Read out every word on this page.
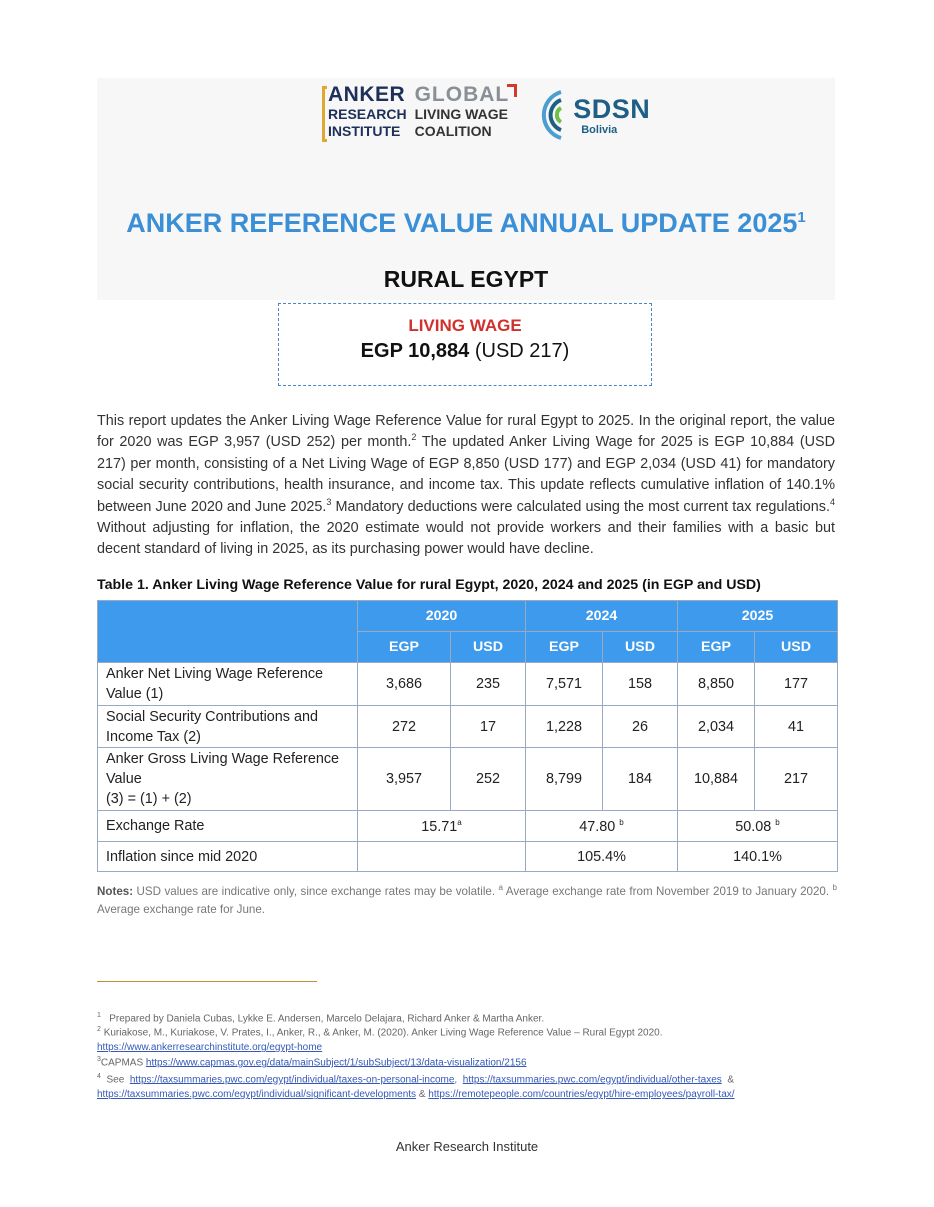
ANKER
RESEARCH
INSTITUTE
GLOBAL
LIVING WAGE
COALITION
SDSN
Bolivia
ANKER REFERENCE VALUE ANNUAL UPDATE 2025$^1$
RURAL EGYPT
LIVING WAGE
EGP 10,884 (USD 217)

This report updates the Anker Living Wage Reference Value for rural Egypt to 2025. In the original report, the value for 2020 was EGP 3,957 (USD 252) per month.$^2$ The updated Anker Living Wage for 2025 is EGP 10,884 (USD 217) per month, consisting of a Net Living Wage of EGP 8,850 (USD 177) and EGP 2,034 (USD 41) for mandatory social security contributions, health insurance, and income tax. This update reflects cumulative inflation of 140.1% between June 2020 and June 2025.$^3$ Mandatory deductions were calculated using the most current tax regulations.$^4$ Without adjusting for inflation, the 2020 estimate would not provide workers and their families with a basic but decent standard of living in 2025, as its purchasing power would have decline.

Table 1. Anker Living Wage Reference Value for rural Egypt, 2020, 2024 and 2025 (in EGP and USD)
	2020		2024		2025	
	EGP	USD	EGP	USD	EGP	USD
Anker Net Living Wage Reference Value (1)	3,686	235	7,571	158	8,850	177
Social Security Contributions and Income Tax (2)	272	17	1,228	26	2,034	41
Anker Gross Living Wage Reference Value
(3) = (1) + (2)	3,957	252	8,799	184	10,884	217
Exchange Rate	15.71$^a$		47.80 $^b$		50.08 $^b$
Inflation since mid 2020			105.4%		140.1%	
Notes: USD values are indicative only, since exchange rates may be volatile. $^a$ Average exchange rate from November 2019 to January 2020. $^b$ Average exchange rate for June.
$^1$ Prepared by Daniela Cubas, Lykke E. Andersen, Marcelo Delajara, Richard Anker & Martha Anker.
$^2$ Kuriakose, M., Kuriakose, V. Prates, I., Anker, R., & Anker, M. (2020). Anker Living Wage Reference Value – Rural Egypt 2020.
https://www.ankerresearchinstitute.org/egypt-home
$^3$CAPMAS https://www.capmas.gov.eg/data/mainSubject/1/subSubject/13/data-visualization/2156
$^4$ See https://taxsummaries.pwc.com/egypt/individual/taxes-on-personal-income,  https://taxsummaries.pwc.com/egypt/individual/other-taxes &
https://taxsummaries.pwc.com/egypt/individual/significant-developments & https://remotepeople.com/countries/egypt/hire-employees/payroll-tax/
Anker Research Institute
